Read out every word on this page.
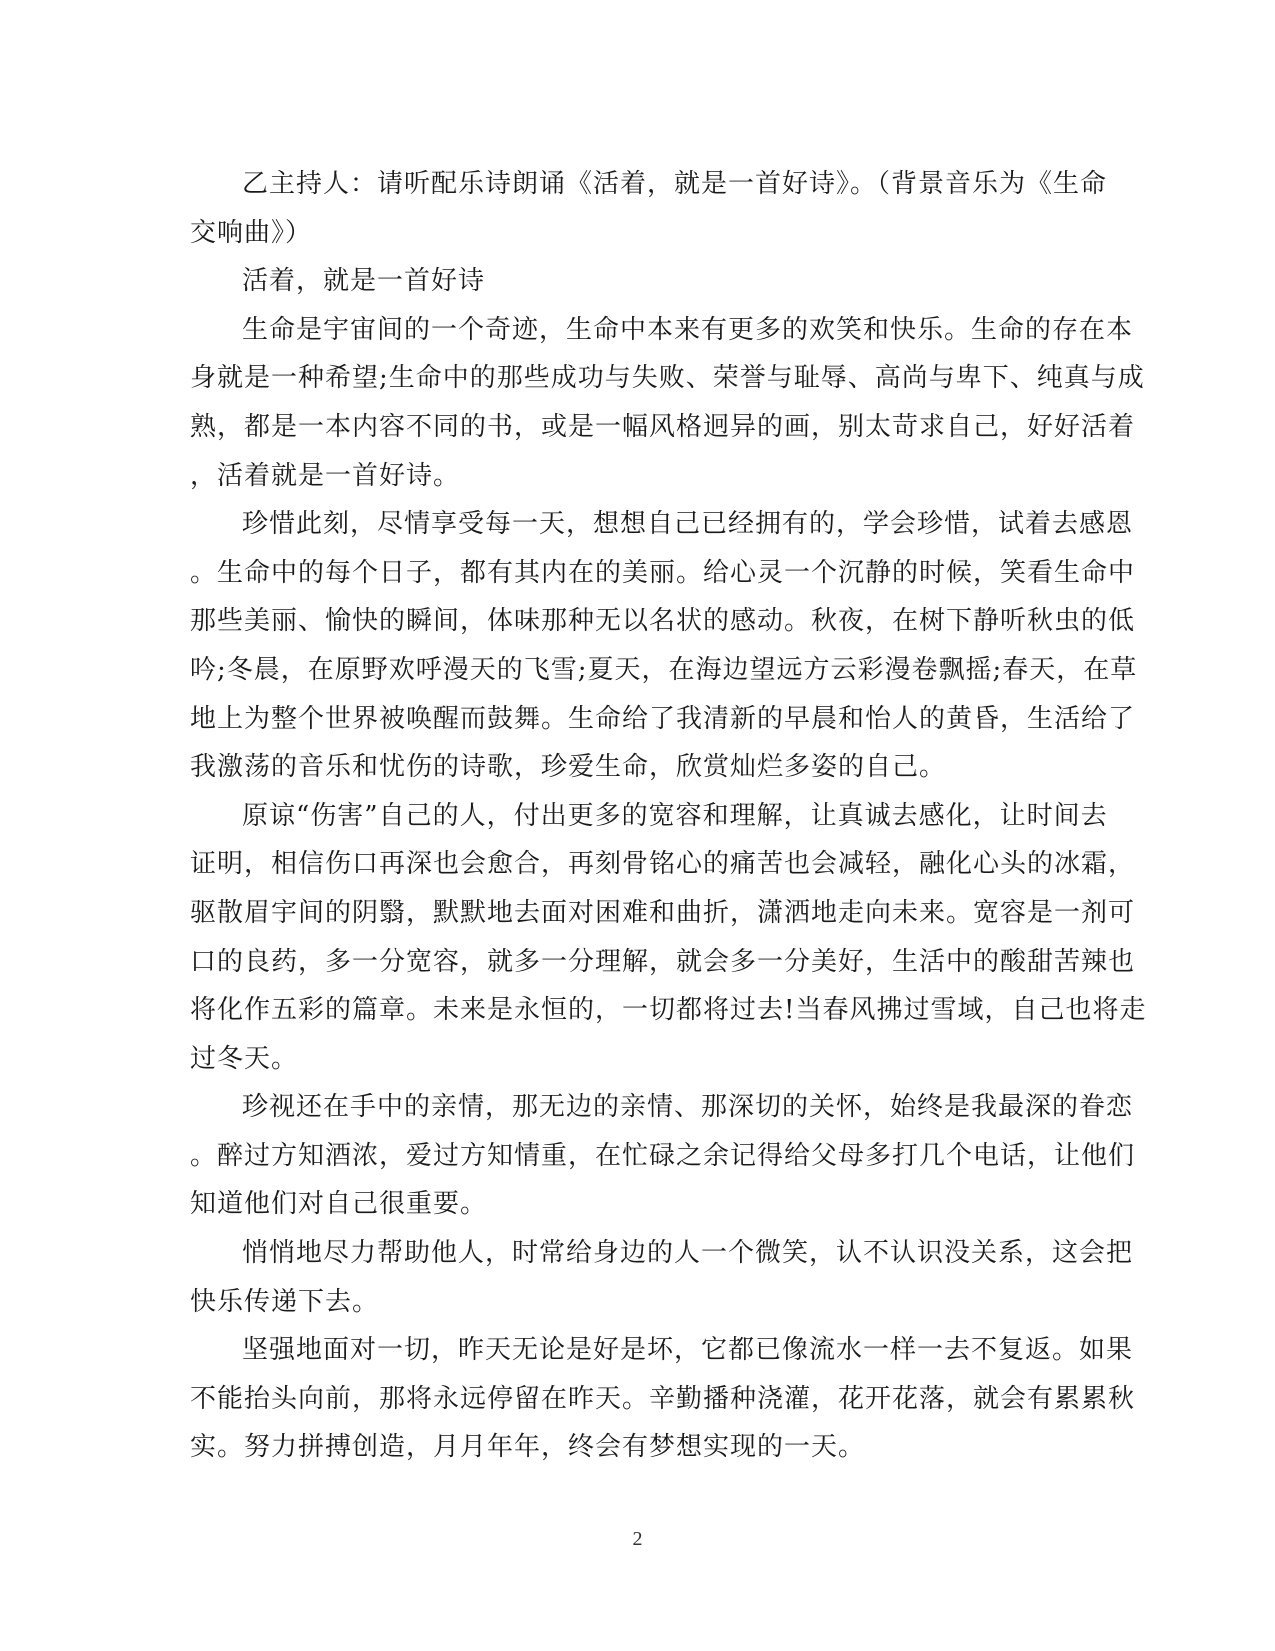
乙主持人：请听配乐诗朗诵《活着，就是一首好诗》。（背景音乐为《生命
交响曲》）

活着，就是一首好诗

生命是宇宙间的一个奇迹，生命中本来有更多的欢笑和快乐。生命的存在本
身就是一种希望;生命中的那些成功与失败、荣誉与耻辱、高尚与卑下、纯真与成
熟，都是一本内容不同的书，或是一幅风格迥异的画，别太苛求自己，好好活着
，活着就是一首好诗。

珍惜此刻，尽情享受每一天，想想自己已经拥有的，学会珍惜，试着去感恩
。生命中的每个日子，都有其内在的美丽。给心灵一个沉静的时候，笑看生命中
那些美丽、愉快的瞬间，体味那种无以名状的感动。秋夜，在树下静听秋虫的低
吟;冬晨，在原野欢呼漫天的飞雪;夏天，在海边望远方云彩漫卷飘摇;春天，在草
地上为整个世界被唤醒而鼓舞。生命给了我清新的早晨和怡人的黄昏，生活给了
我激荡的音乐和忧伤的诗歌，珍爱生命，欣赏灿烂多姿的自己。

原谅“伤害”自己的人，付出更多的宽容和理解，让真诚去感化，让时间去
证明，相信伤口再深也会愈合，再刻骨铭心的痛苦也会减轻，融化心头的冰霜，
驱散眉宇间的阴翳，默默地去面对困难和曲折，潇洒地走向未来。宽容是一剂可
口的良药，多一分宽容，就多一分理解，就会多一分美好，生活中的酸甜苦辣也
将化作五彩的篇章。未来是永恒的，一切都将过去!当春风拂过雪域，自己也将走
过冬天。

珍视还在手中的亲情，那无边的亲情、那深切的关怀，始终是我最深的眷恋
。醉过方知酒浓，爱过方知情重，在忙碌之余记得给父母多打几个电话，让他们
知道他们对自己很重要。

悄悄地尽力帮助他人，时常给身边的人一个微笑，认不认识没关系，这会把
快乐传递下去。

坚强地面对一切，昨天无论是好是坏，它都已像流水一样一去不复返。如果
不能抬头向前，那将永远停留在昨天。辛勤播种浇灌，花开花落，就会有累累秋
实。努力拼搏创造，月月年年，终会有梦想实现的一天。

2
